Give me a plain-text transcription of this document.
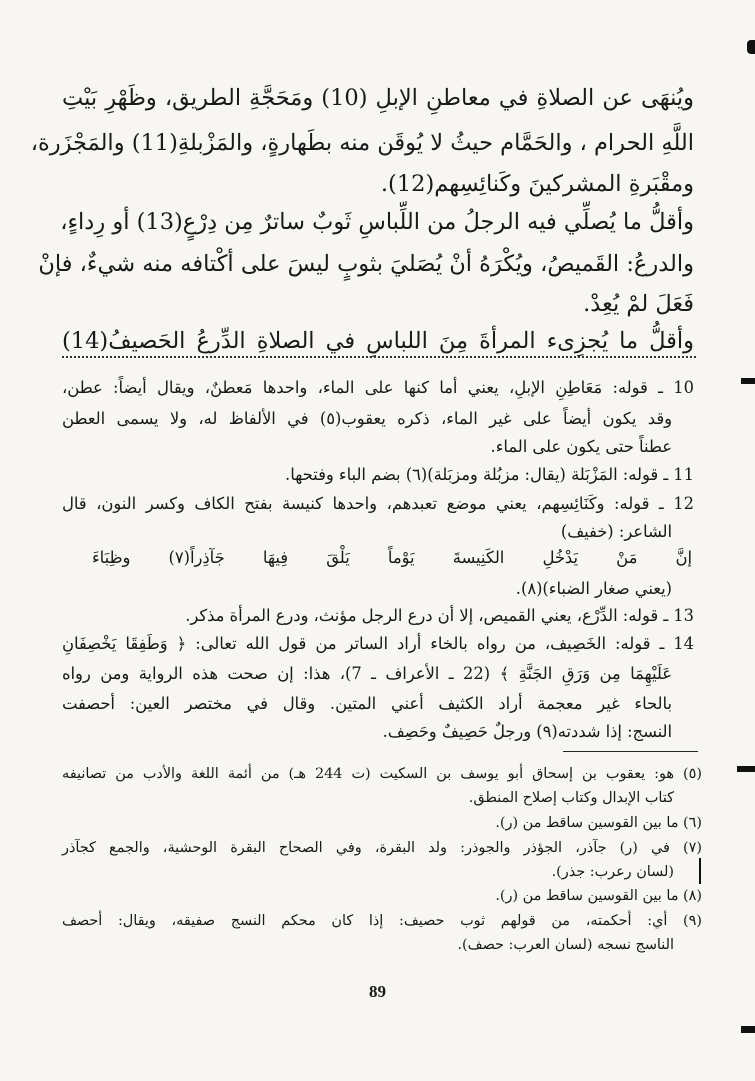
ويُنهَى عن الصلاةِ في معاطنِ الإبلِ (10) ومَحَجَّةِ الطريق، وظَهْرِ بَيْتِ
اللَّهِ الحرام ، والحَمَّام حيثُ لا يُوقَن منه بطَهارةٍ، والمَزْبلةِ(11) والمَجْزَرة،
ومقْبَرةِ المشركينَ وكَنائِسِهم(12).
وأقلُّ ما يُصلِّي فيه الرجلُ من اللِّباسِ ثَوبٌ ساترٌ مِن دِرْعٍ(13) أو رِداءٍ،
والدرعُ: القَميصُ، ويُكْرَهُ أنْ يُصَليَ بثوبٍ ليسَ على أكْتافه منه شيءٌ، فإنْ
فَعَلَ لمْ يُعِدْ.
وأقلُّ ما يُجزِىء المرأةَ مِنَ اللباسِ في الصلاةِ الدِّرعُ الحَصيفُ(14)
10 ـ قوله: مَعَاطِنِ الإبلِ، يعني أما كنها على الماء، واحدها مَعطنٌ، ويقال أيضاً: عطن،
وقد يكون أيضاً على غير الماء، ذكره يعقوب(٥) في الألفاظ له، ولا يسمى العطن
عطناً حتى يكون على الماء.
11 ـ قوله: المَزْبَلة (يقال: مزبُلة ومزبَلة)(٦) بضم الباء وفتحها.
12 ـ قوله: وكَنَائِسِهم، يعني موضع تعبدهم، واحدها كنيسة بفتح الكاف وكسر النون، قال
الشاعر: (خفيف)
إنَّ مَنْ يَدْخُلِ الكَنِيسةَ يَوْماً يَلْقَ فِيهَا جَآذِراً(٧) وظِبَاءَ
(يعني صغار الضباء)(٨).
13 ـ قوله: الدِّرْع، يعني القميص، إلا أن درع الرجل مؤنث، ودرع المرأة مذكر.
14 ـ قوله: الخَصِيف، من رواه بالخاء أراد الساتر من قول الله تعالى: ﴿ وَطَفِقَا يَخْصِفَانِ
عَلَيْهِمَا مِن وَرَقِ الجَنَّةِ ﴾ (22 ـ الأعراف ـ 7)، هذا: إن صحت هذه الرواية ومن رواه
بالحاء غير معجمة أراد الكثيف أعني المتين. وقال في مختصر العين: أحصفت
النسج: إذا شددته(٩) ورجلٌ حَصِيفٌ وحَصِف.
(٥) هو: يعقوب بن إسحاق أبو يوسف بن السكيت (ت 244 هـ) من أئمة اللغة والأدب من تصانيفه
كتاب الإبدال وكتاب إصلاح المنطق.
(٦) ما بين القوسين ساقط من (ر).
(٧) في (ر) جآذر، الجؤذر والجوذر: ولد البقرة، وفي الصحاح البقرة الوحشية، والجمع كجآذر
(لسان رعرب: جذر).
(٨) ما بين القوسين ساقط من (ر).
(٩) أي: أحكمته، من قولهم ثوب حصيف: إذا كان محكم النسج صفيقه، ويقال: أحصف
الناسج نسجه (لسان العرب: حصف).
89
